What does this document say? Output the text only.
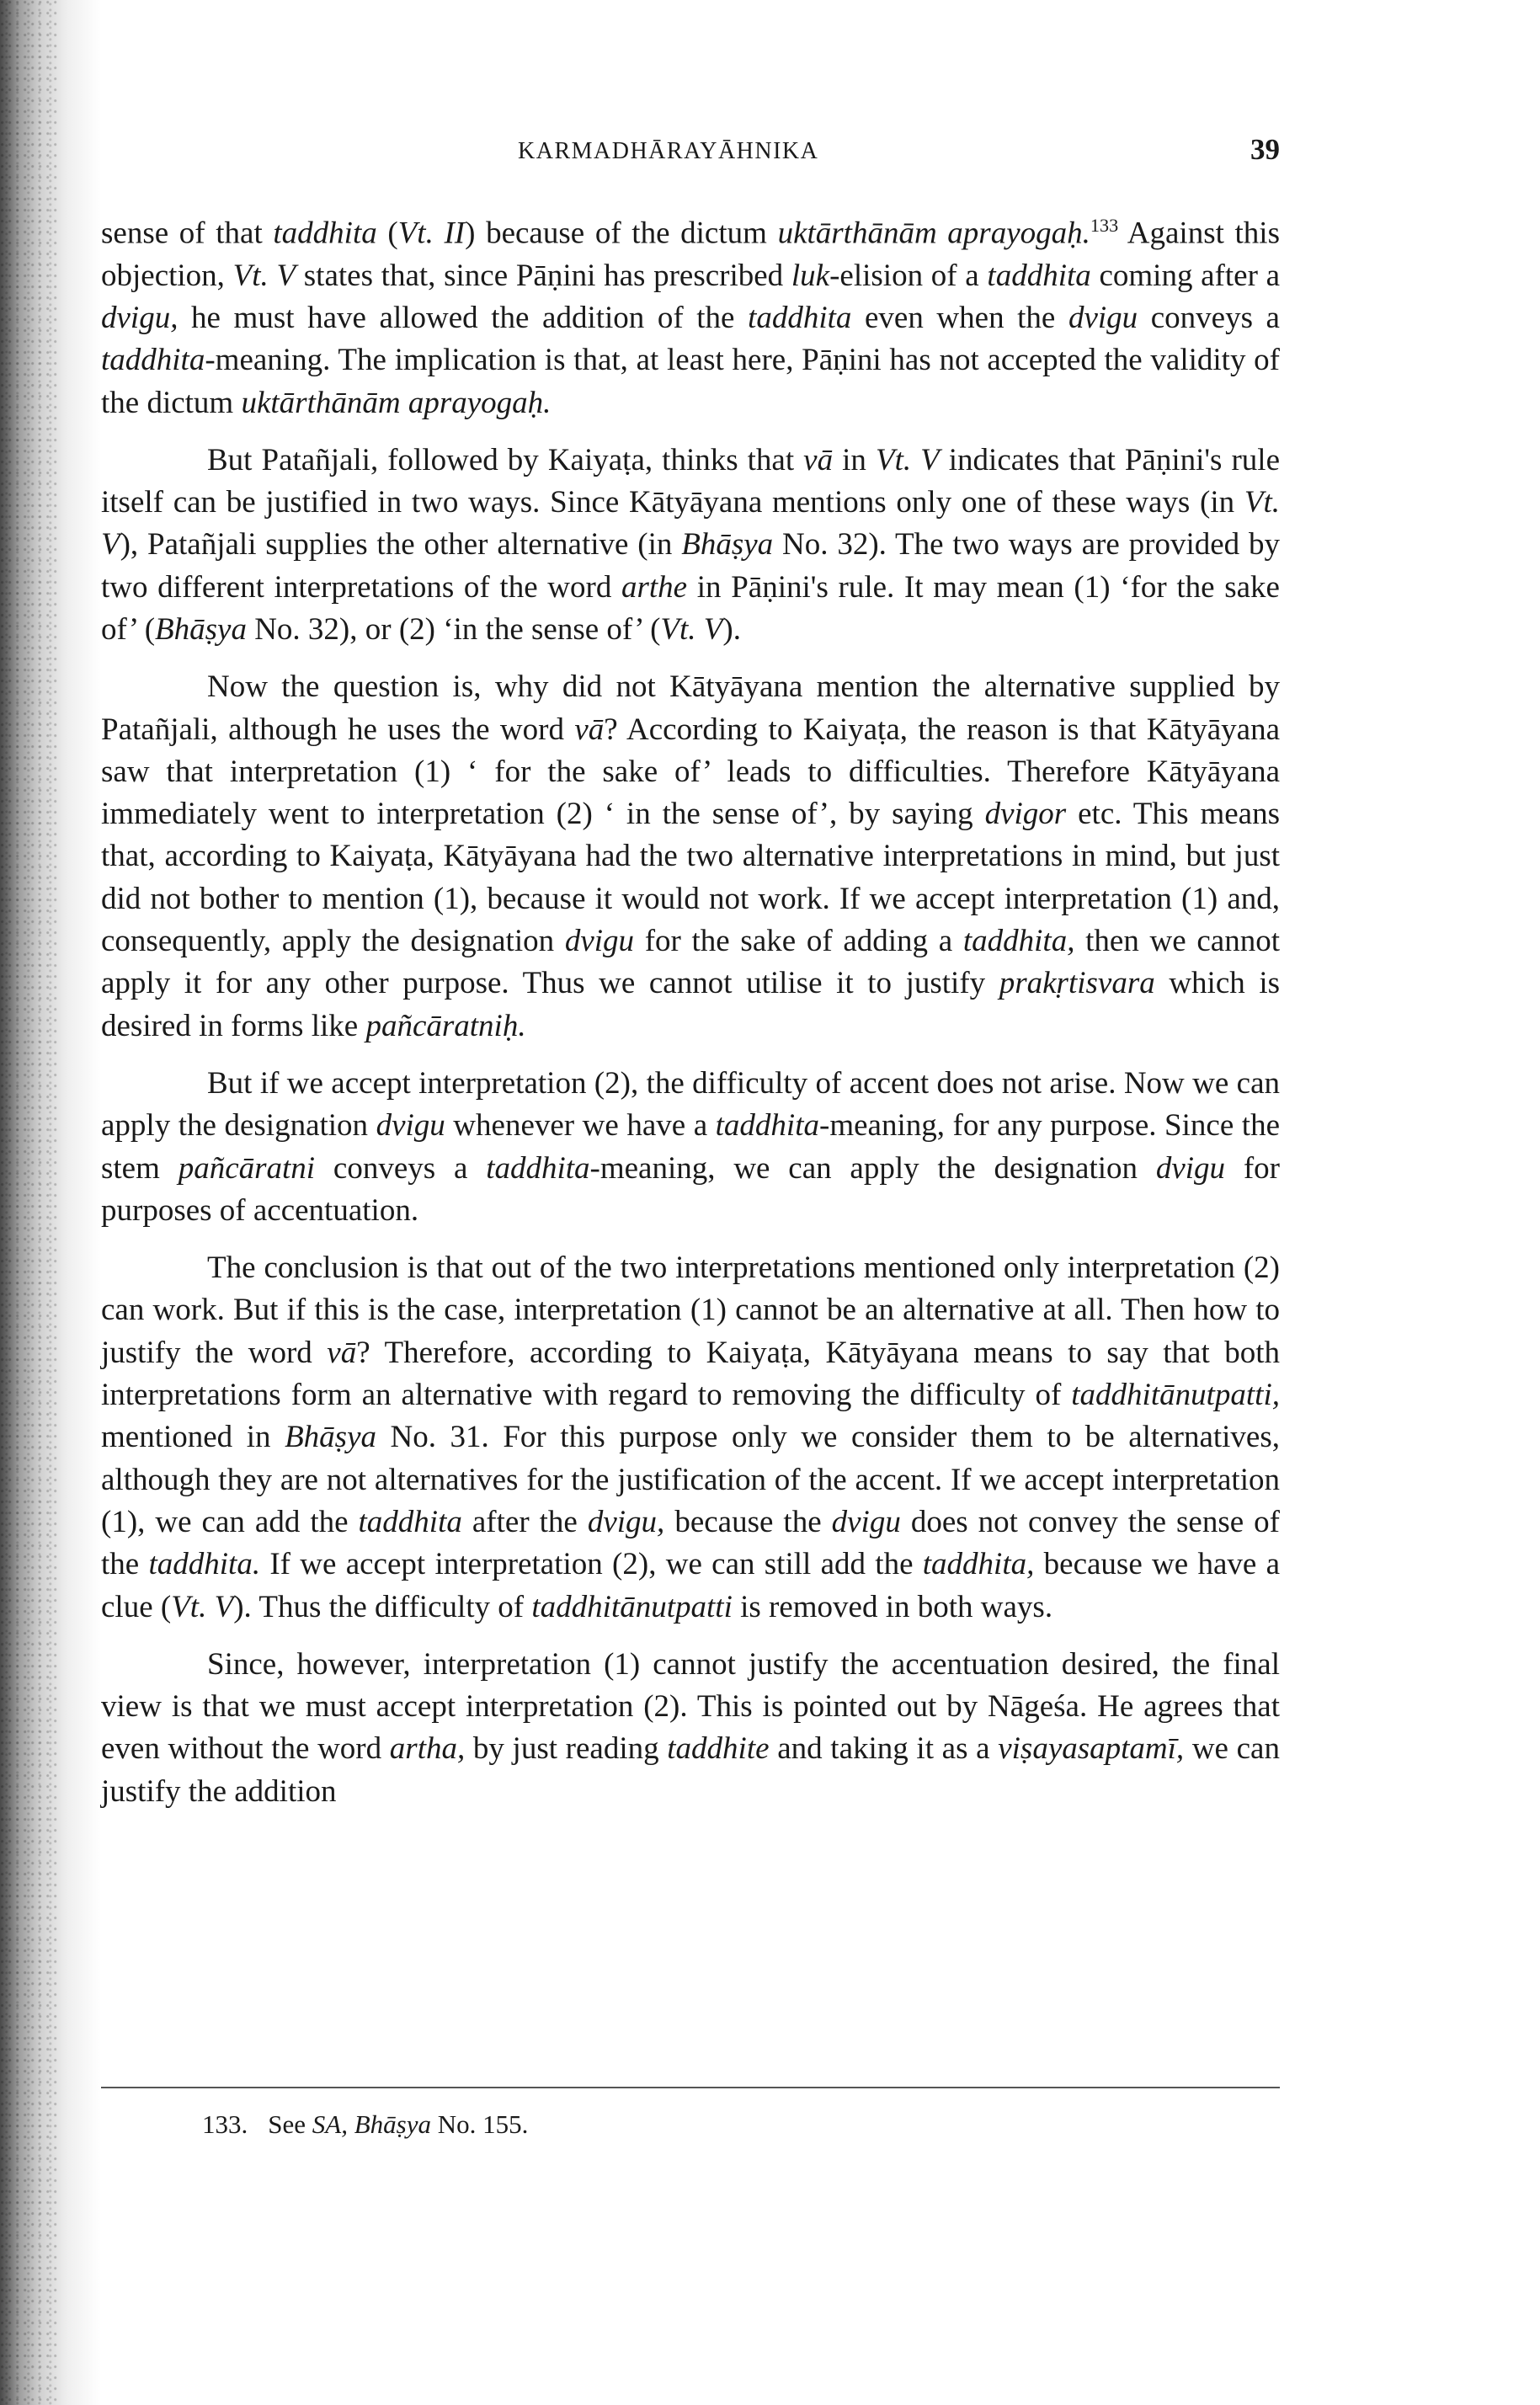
KARMADHĀRAYĀHNIKA	39

sense of that taddhita (Vt. II) because of the dictum uktārthānām aprayogaḥ.$^{133}$ Against this objection, Vt. V states that, since Pāṇini has prescribed luk-elision of a taddhita coming after a dvigu, he must have allowed the addition of the taddhita even when the dvigu conveys a taddhita-meaning. The implication is that, at least here, Pāṇini has not accepted the validity of the dictum uktārthānām aprayogaḥ.

But Patañjali, followed by Kaiyaṭa, thinks that vā in Vt. V indicates that Pāṇini's rule itself can be justified in two ways. Since Kātyāyana mentions only one of these ways (in Vt. V), Patañjali supplies the other alternative (in Bhāṣya No. 32). The two ways are provided by two different interpretations of the word arthe in Pāṇini's rule. It may mean (1) ‘for the sake of’ (Bhāṣya No. 32), or (2) ‘in the sense of’ (Vt. V).

Now the question is, why did not Kātyāyana mention the alternative supplied by Patañjali, although he uses the word vā? According to Kaiyaṭa, the reason is that Kātyāyana saw that interpretation (1) ‘ for the sake of’ leads to difficulties. Therefore Kātyāyana immediately went to interpretation (2) ‘ in the sense of’, by saying dvigor etc. This means that, according to Kaiyaṭa, Kātyāyana had the two alternative interpretations in mind, but just did not bother to mention (1), because it would not work. If we accept interpretation (1) and, consequently, apply the designation dvigu for the sake of adding a taddhita, then we cannot apply it for any other purpose. Thus we cannot utilise it to justify prakṛtisvara which is desired in forms like pañcāratniḥ.

But if we accept interpretation (2), the difficulty of accent does not arise. Now we can apply the designation dvigu whenever we have a taddhita-meaning, for any purpose. Since the stem pañcāratni conveys a taddhita-meaning, we can apply the designation dvigu for purposes of accentuation.

The conclusion is that out of the two interpretations mentioned only interpretation (2) can work. But if this is the case, interpretation (1) cannot be an alternative at all. Then how to justify the word vā? Therefore, according to Kaiyaṭa, Kātyāyana means to say that both interpretations form an alternative with regard to removing the difficulty of taddhitānutpatti, mentioned in Bhāṣya No. 31. For this purpose only we consider them to be alternatives, although they are not alternatives for the justification of the accent. If we accept interpretation (1), we can add the taddhita after the dvigu, because the dvigu does not convey the sense of the taddhita. If we accept interpretation (2), we can still add the taddhita, because we have a clue (Vt. V). Thus the difficulty of taddhitānutpatti is removed in both ways.

Since, however, interpretation (1) cannot justify the accentuation desired, the final view is that we must accept interpretation (2). This is pointed out by Nāgeśa. He agrees that even without the word artha, by just reading taddhite and taking it as a viṣayasaptamī, we can justify the addition

133. See SA, Bhāṣya No. 155.
